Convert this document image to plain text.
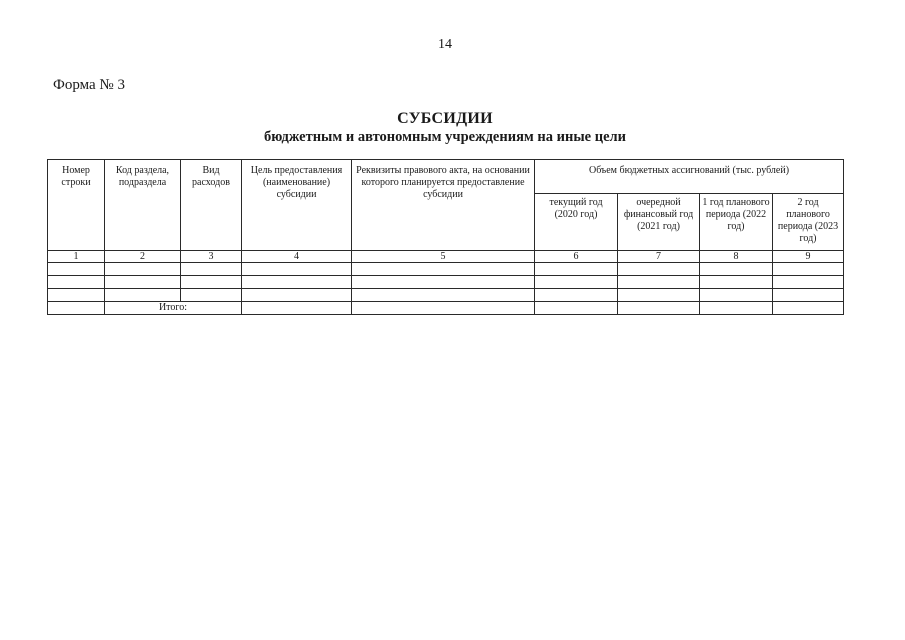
14
Форма № 3
СУБСИДИИ
бюджетным и автономным учреждениям на иные цели
Номер строки	Код раздела, подраздела	Вид расходов	Цель предоставления (наименование) субсидии	Реквизиты правового акта, на основании которого планируется предоставление субсидии	Объем бюджетных ассигнований (тыс. рублей)			
					текущий год (2020 год)	очередной финансовый год (2021 год)	1 год планового периода (2022 год)	2 год планового периода (2023 год)
1	2	3	4	5	6	7	8	9

	Итого:							
